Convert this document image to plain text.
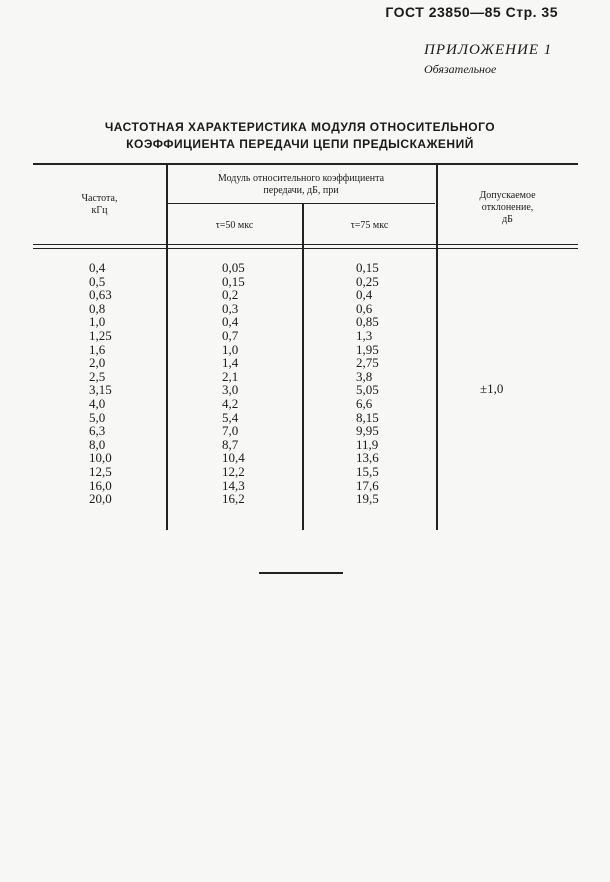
ГОСТ 23850—85 Стр. 35
ПРИЛОЖЕНИЕ 1
Обязательное
ЧАСТОТНАЯ ХАРАКТЕРИСТИКА МОДУЛЯ ОТНОСИТЕЛЬНОГО
КОЭФФИЦИЕНТА ПЕРЕДАЧИ ЦЕПИ ПРЕДЫСКАЖЕНИЙ
Частота,
кГц
Модуль относительного коэффициента
передачи, дБ, при
τ=50 мкс	τ=75 мкс
Допускаемое
отклонение,
дБ
0,4
0,5
0,63
0,8
1,0
1,25
1,6
2,0
2,5
3,15
4,0
5,0
6,3
8,0
10,0
12,5
16,0
20,0
0,05
0,15
0,2
0,3
0,4
0,7
1,0
1,4
2,1
3,0
4,2
5,4
7,0
8,7
10,4
12,2
14,3
16,2
0,15
0,25
0,4
0,6
0,85
1,3
1,95
2,75
3,8
5,05
6,6
8,15
9,95
11,9
13,6
15,5
17,6
19,5
±1,0
